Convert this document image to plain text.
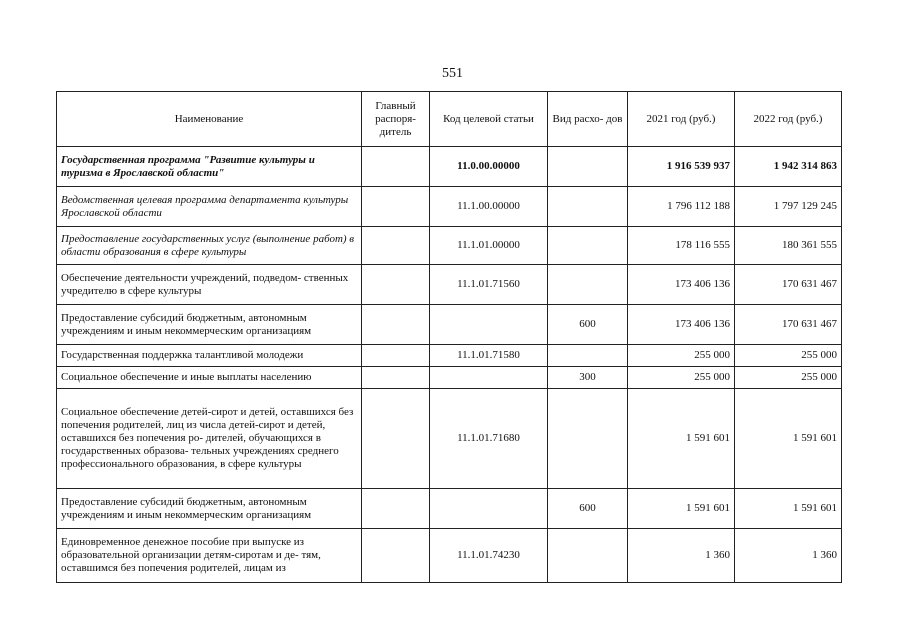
551
Наименование	Главный распоря- дитель	Код целевой статьи	Вид расхо- дов	2021 год (руб.)	2022 год (руб.)
Государственная программа "Развитие культуры и туризма в Ярославской области"		11.0.00.00000		1 916 539 937	1 942 314 863
Ведомственная целевая программа департамента культуры Ярославской области		11.1.00.00000		1 796 112 188	1 797 129 245
Предоставление государственных услуг (выполнение работ) в области образования в сфере культуры		11.1.01.00000		178 116 555	180 361 555
Обеспечение деятельности учреждений, подведом- ственных учредителю в сфере культуры		11.1.01.71560		173 406 136	170 631 467
Предоставление субсидий бюджетным, автономным учреждениям и иным некоммерческим организациям			600	173 406 136	170 631 467
Государственная поддержка талантливой молодежи		11.1.01.71580		255 000	255 000
Социальное обеспечение и иные выплаты населению			300	255 000	255 000
Социальное обеспечение детей-сирот и детей, оставшихся без попечения родителей, лиц из числа детей-сирот и детей, оставшихся без попечения ро- дителей, обучающихся в государственных образова- тельных учреждениях среднего профессионального образования, в сфере культуры		11.1.01.71680		1 591 601	1 591 601
Предоставление субсидий бюджетным, автономным учреждениям и иным некоммерческим организациям			600	1 591 601	1 591 601
Единовременное денежное пособие при выпуске из образовательной организации детям-сиротам и де- тям, оставшимся без попечения родителей, лицам из		11.1.01.74230		1 360	1 360
